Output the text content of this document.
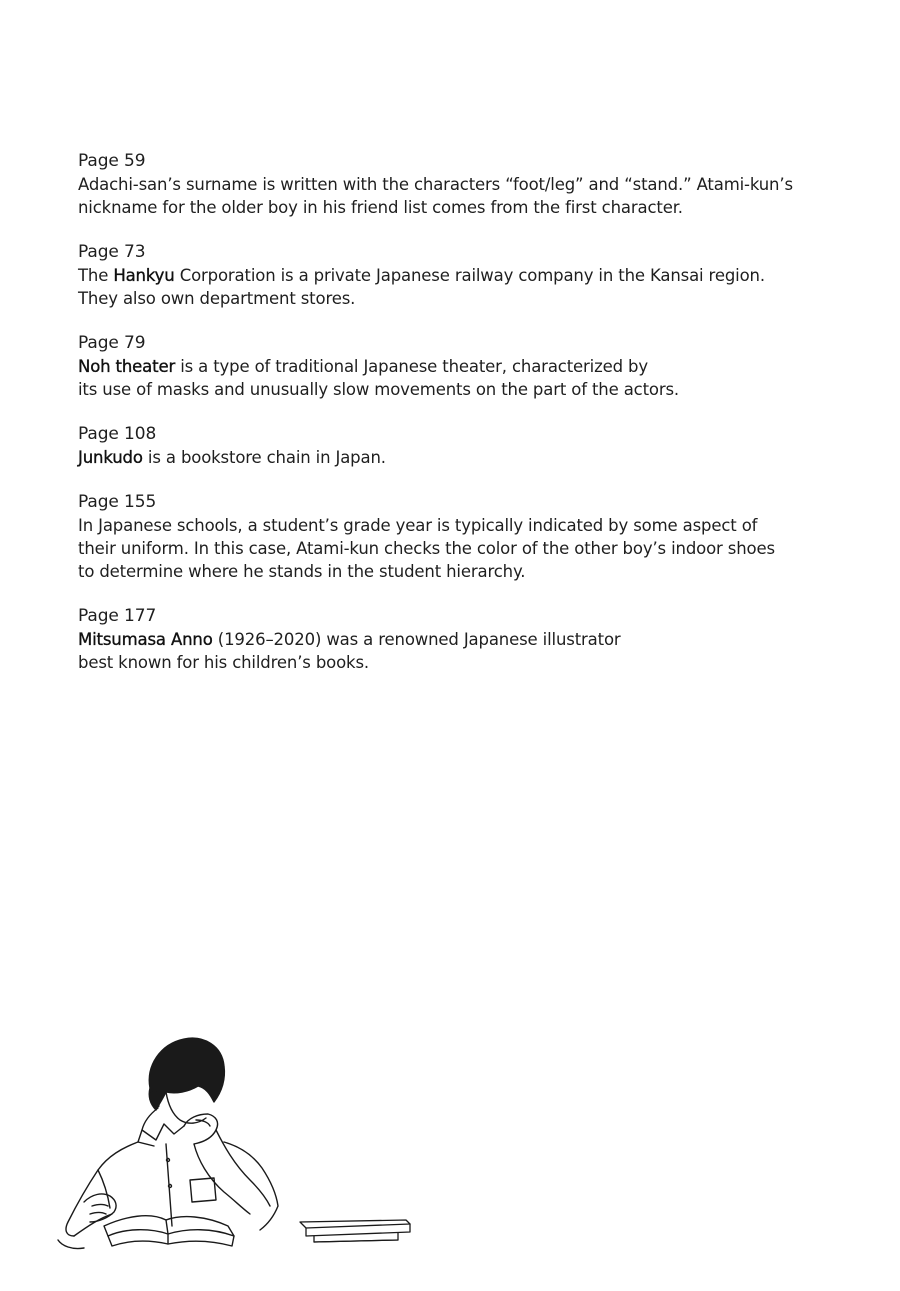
Page 59

Adachi-san’s surname is written with the characters “foot/leg” and “stand.” Atami-kun’s
nickname for the older boy in his friend list comes from the first character.

Page 73

The Hankyu Corporation is a private Japanese railway company in the Kansai region.
They also own department stores.

Page 79

Noh theater is a type of traditional Japanese theater, characterized by
its use of masks and unusually slow movements on the part of the actors.

Page 108

Junkudo is a bookstore chain in Japan.

Page 155

In Japanese schools, a student’s grade year is typically indicated by some aspect of
their uniform. In this case, Atami-kun checks the color of the other boy’s indoor shoes
to determine where he stands in the student hierarchy.

Page 177

Mitsumasa Anno (1926–2020) was a renowned Japanese illustrator
best known for his children’s books.
